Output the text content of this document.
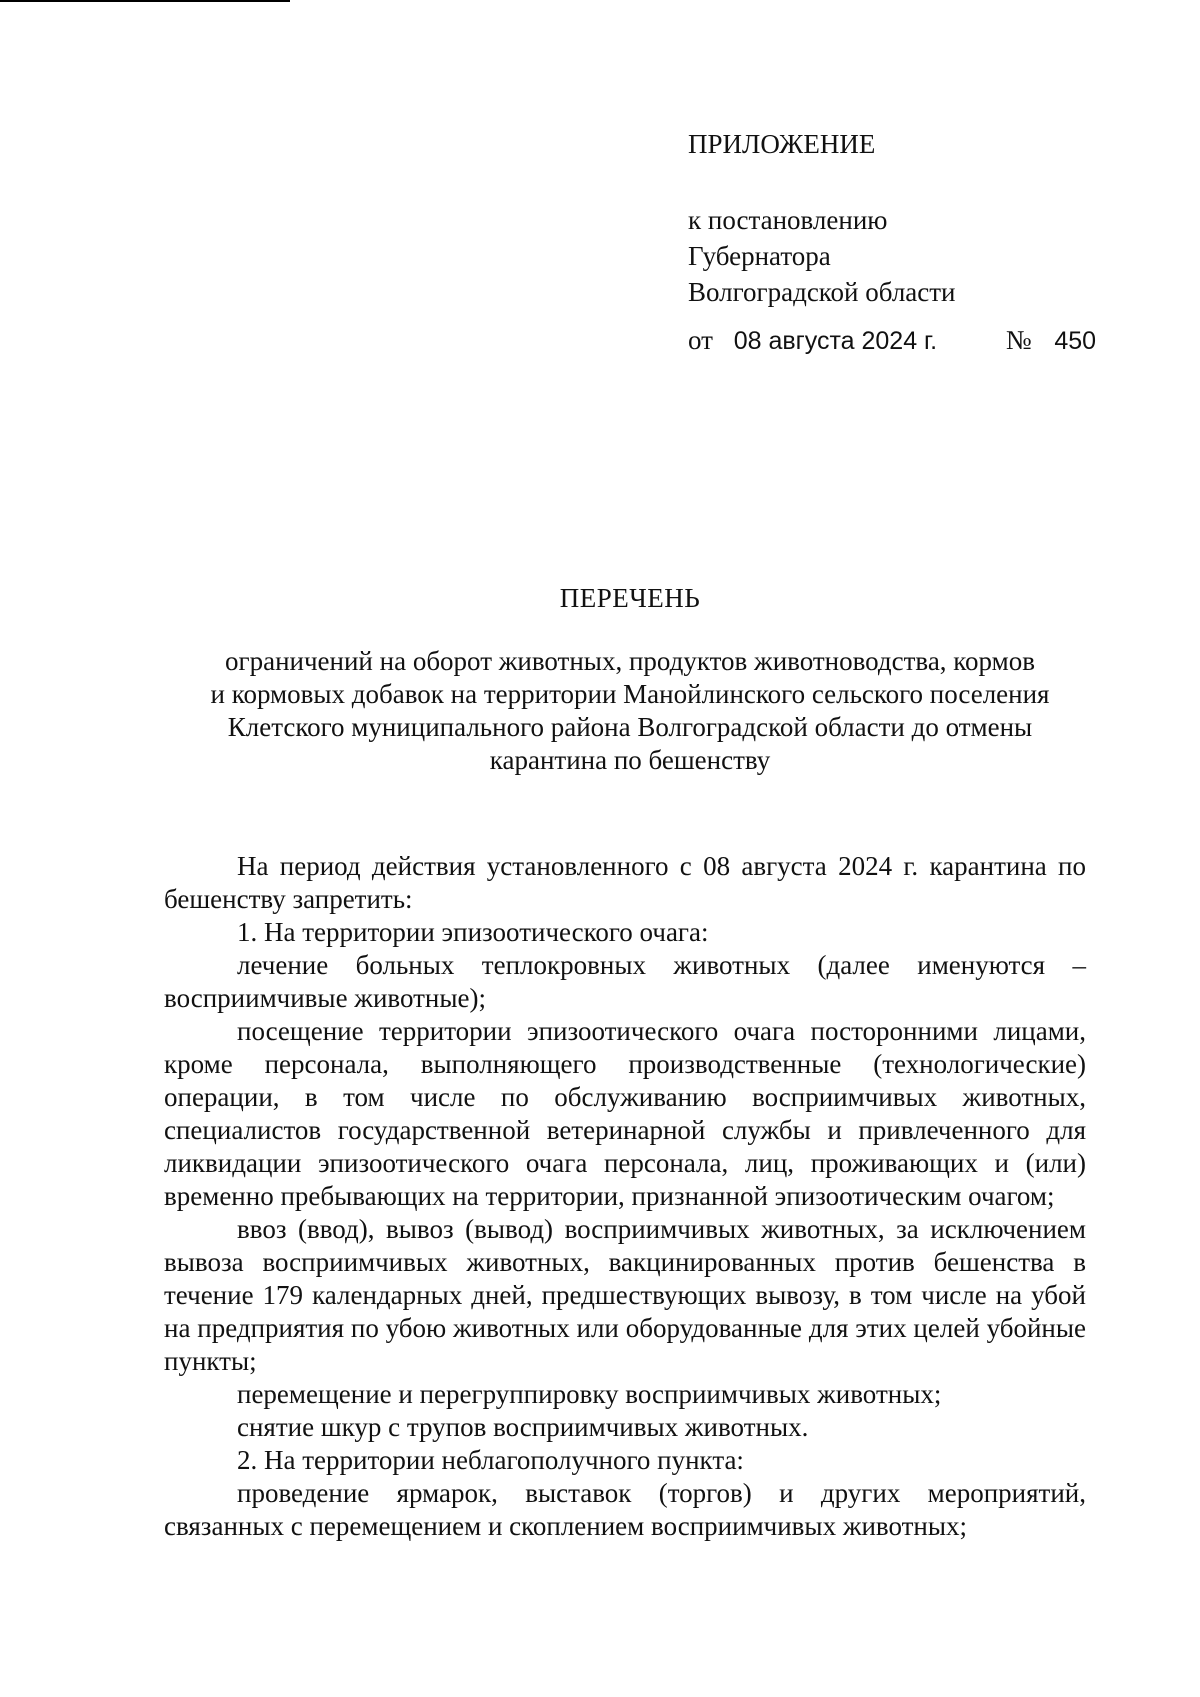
ПРИЛОЖЕНИЕ
к постановлению
Губернатора
Волгоградской области
от 08 августа 2024 г.	№ 450
ПЕРЕЧЕНЬ
ограничений на оборот животных, продуктов животноводства, кормов
и кормовых добавок на территории Манойлинского сельского поселения
Клетского муниципального района Волгоградской области до отмены
карантина по бешенству

На период действия установленного с 08 августа 2024 г. карантина по бешенству запретить:

1. На территории эпизоотического очага:

лечение больных теплокровных животных (далее именуются – восприимчивые животные);

посещение территории эпизоотического очага посторонними лицами, кроме персонала, выполняющего производственные (технологические) операции, в том числе по обслуживанию восприимчивых животных, специалистов государственной ветеринарной службы и привлеченного для ликвидации эпизоотического очага персонала, лиц, проживающих и (или) временно пребывающих на территории, признанной эпизоотическим очагом;

ввоз (ввод), вывоз (вывод) восприимчивых животных, за исключением вывоза восприимчивых животных, вакцинированных против бешенства в течение 179 календарных дней, предшествующих вывозу, в том числе на убой на предприятия по убою животных или оборудованные для этих целей убойные пункты;

перемещение и перегруппировку восприимчивых животных;

снятие шкур с трупов восприимчивых животных.

2. На территории неблагополучного пункта:

проведение ярмарок, выставок (торгов) и других мероприятий, связанных с перемещением и скоплением восприимчивых животных;
